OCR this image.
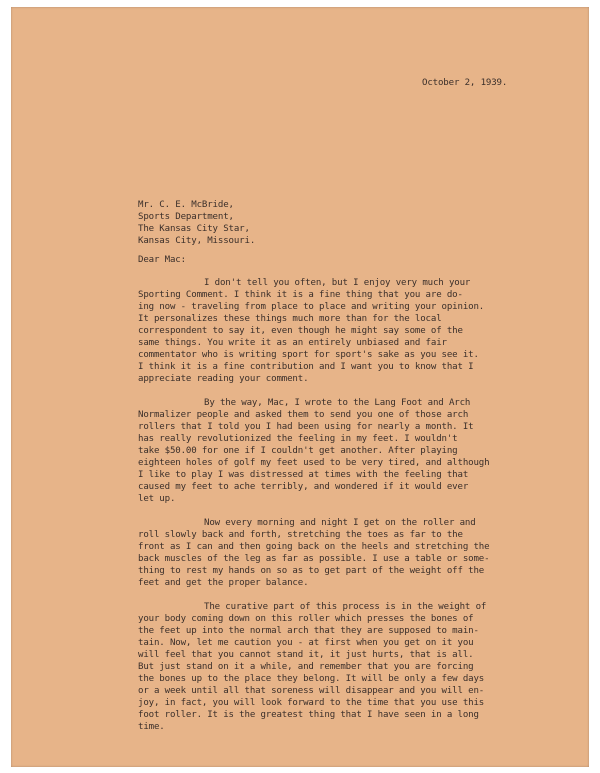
October 2, 1939.
Mr. C. E. McBride,
Sports Department,
The Kansas City Star,
Kansas City, Missouri.
Dear Mac:
I don't tell you often, but I enjoy very much your
Sporting Comment. I think it is a fine thing that you are do-
ing now - traveling from place to place and writing your opinion.
It personalizes these things much more than for the local
correspondent to say it, even though he might say some of the
same things. You write it as an entirely unbiased and fair
commentator who is writing sport for sport's sake as you see it.
I think it is a fine contribution and I want you to know that I
appreciate reading your comment.
By the way, Mac, I wrote to the Lang Foot and Arch
Normalizer people and asked them to send you one of those arch
rollers that I told you I had been using for nearly a month. It
has really revolutionized the feeling in my feet. I wouldn't
take $50.00 for one if I couldn't get another. After playing
eighteen holes of golf my feet used to be very tired, and although
I like to play I was distressed at times with the feeling that
caused my feet to ache terribly, and wondered if it would ever
let up.
Now every morning and night I get on the roller and
roll slowly back and forth, stretching the toes as far to the
front as I can and then going back on the heels and stretching the
back muscles of the leg as far as possible. I use a table or some-
thing to rest my hands on so as to get part of the weight off the
feet and get the proper balance.
The curative part of this process is in the weight of
your body coming down on this roller which presses the bones of
the feet up into the normal arch that they are supposed to main-
tain. Now, let me caution you - at first when you get on it you
will feel that you cannot stand it, it just hurts, that is all.
But just stand on it a while, and remember that you are forcing
the bones up to the place they belong. It will be only a few days
or a week until all that soreness will disappear and you will en-
joy, in fact, you will look forward to the time that you use this
foot roller. It is the greatest thing that I have seen in a long
time.
